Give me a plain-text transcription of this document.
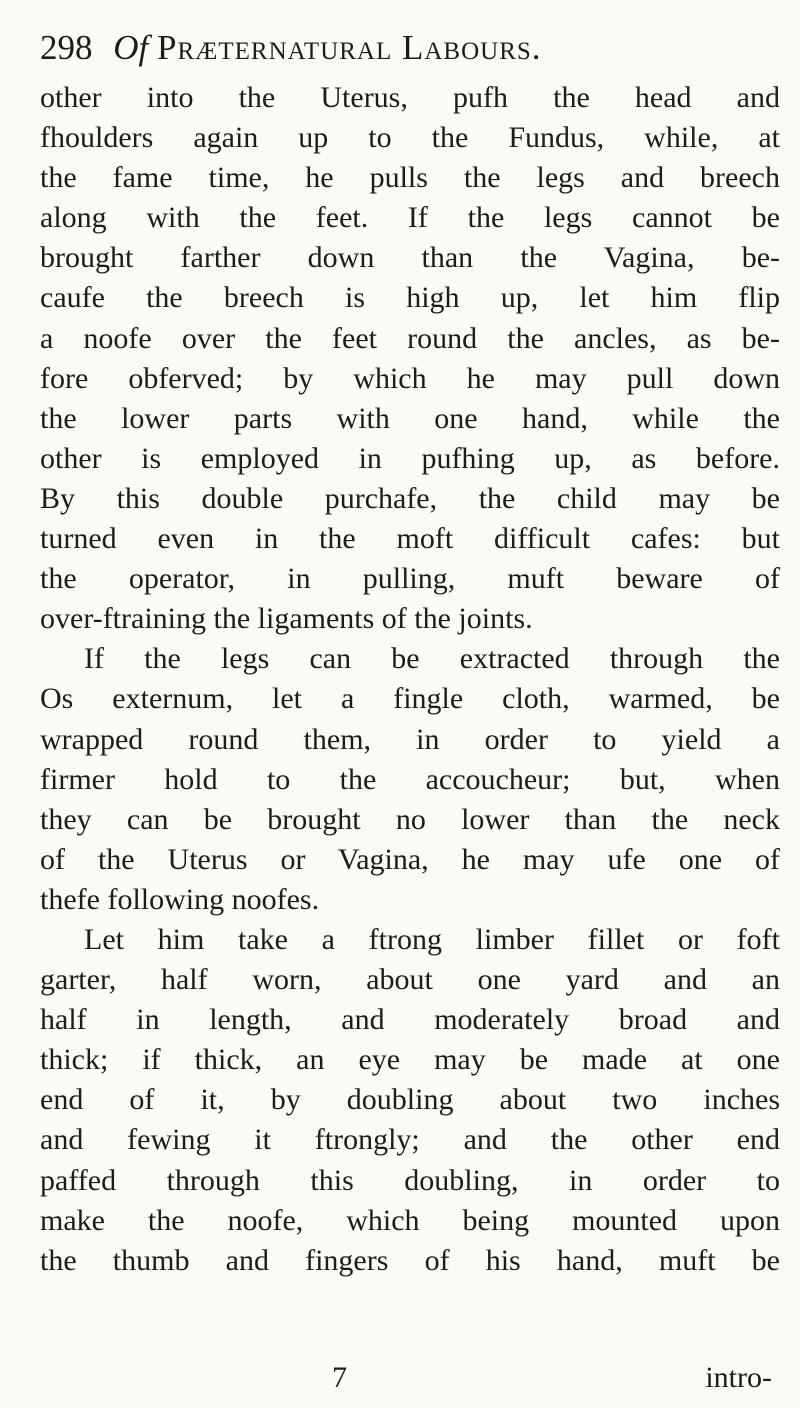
298 Of Præternatural Labours.
other into the Uterus, pufh the head and
fhoulders again up to the Fundus, while, at
the fame time, he pulls the legs and breech
along with the feet. If the legs cannot be
brought farther down than the Vagina, be-
caufe the breech is high up, let him flip
a noofe over the feet round the ancles, as be-
fore obferved; by which he may pull down
the lower parts with one hand, while the
other is employed in pufhing up, as before.
By this double purchafe, the child may be
turned even in the moft difficult cafes: but
the operator, in pulling, muft beware of
over-ftraining the ligaments of the joints.
If the legs can be extracted through the
Os externum, let a fingle cloth, warmed, be
wrapped round them, in order to yield a
firmer hold to the accoucheur; but, when
they can be brought no lower than the neck
of the Uterus or Vagina, he may ufe one of
thefe following noofes.
Let him take a ftrong limber fillet or foft
garter, half worn, about one yard and an
half in length, and moderately broad and
thick; if thick, an eye may be made at one
end of it, by doubling about two inches
and fewing it ftrongly; and the other end
paffed through this doubling, in order to
make the noofe, which being mounted upon
the thumb and fingers of his hand, muft be
7	intro-
